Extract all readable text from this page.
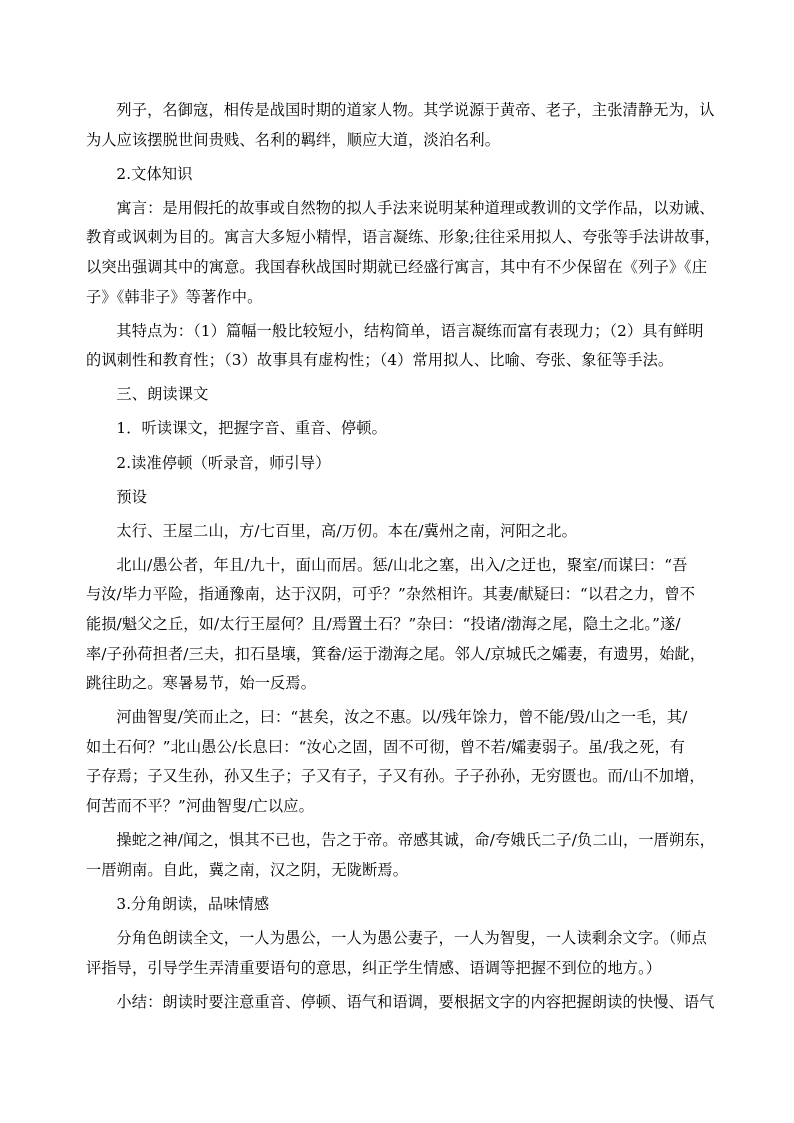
列子，名御寇，相传是战国时期的道家人物。其学说源于黄帝、老子，主张清静无为，认
为人应该摆脱世间贵贱、名利的羁绊，顺应大道，淡泊名利。
2.文体知识
寓言：是用假托的故事或自然物的拟人手法来说明某种道理或教训的文学作品，以劝诫、
教育或讽刺为目的。寓言大多短小精悍，语言凝练、形象;往往采用拟人、夸张等手法讲故事，
以突出强调其中的寓意。我国春秋战国时期就已经盛行寓言，其中有不少保留在《列子》《庄
子》《韩非子》等著作中。
其特点为：（1）篇幅一般比较短小，结构简单，语言凝练而富有表现力；（2）具有鲜明
的讽刺性和教育性；（3）故事具有虚构性；（4）常用拟人、比喻、夸张、象征等手法。
三、朗读课文
1．听读课文，把握字音、重音、停顿。
2.读准停顿（听录音，师引导）
预设
太行、王屋二山，方/七百里，高/万仞。本在/冀州之南，河阳之北。
北山/愚公者，年且/九十，面山而居。惩/山北之塞，出入/之迂也，聚室/而谋曰：“吾
与汝/毕力平险，指通豫南，达于汉阴，可乎？”杂然相许。其妻/献疑曰：“以君之力，曾不
能损/魁父之丘，如/太行王屋何？且/焉置土石？”杂曰：“投诸/渤海之尾，隐土之北。”遂/
率/子孙荷担者/三夫，扣石垦壤，箕畚/运于渤海之尾。邻人/京城氏之孀妻，有遗男，始龀，
跳往助之。寒暑易节，始一反焉。
河曲智叟/笑而止之，曰：“甚矣，汝之不惠。以/残年馀力，曾不能/毁/山之一毛，其/
如土石何？”北山愚公/长息曰：“汝心之固，固不可彻，曾不若/孀妻弱子。虽/我之死，有
子存焉；子又生孙，孙又生子；子又有子，子又有孙。子子孙孙，无穷匮也。而/山不加增，
何苦而不平？”河曲智叟/亡以应。
操蛇之神/闻之，惧其不已也，告之于帝。帝感其诚，命/夸娥氏二子/负二山，一厝朔东，
一厝朔南。自此，冀之南，汉之阴，无陇断焉。
3.分角朗读，品味情感
分角色朗读全文，一人为愚公，一人为愚公妻子，一人为智叟，一人读剩余文字。（师点
评指导，引导学生弄清重要语句的意思，纠正学生情感、语调等把握不到位的地方。）
小结：朗读时要注意重音、停顿、语气和语调，要根据文字的内容把握朗读的快慢、语气
